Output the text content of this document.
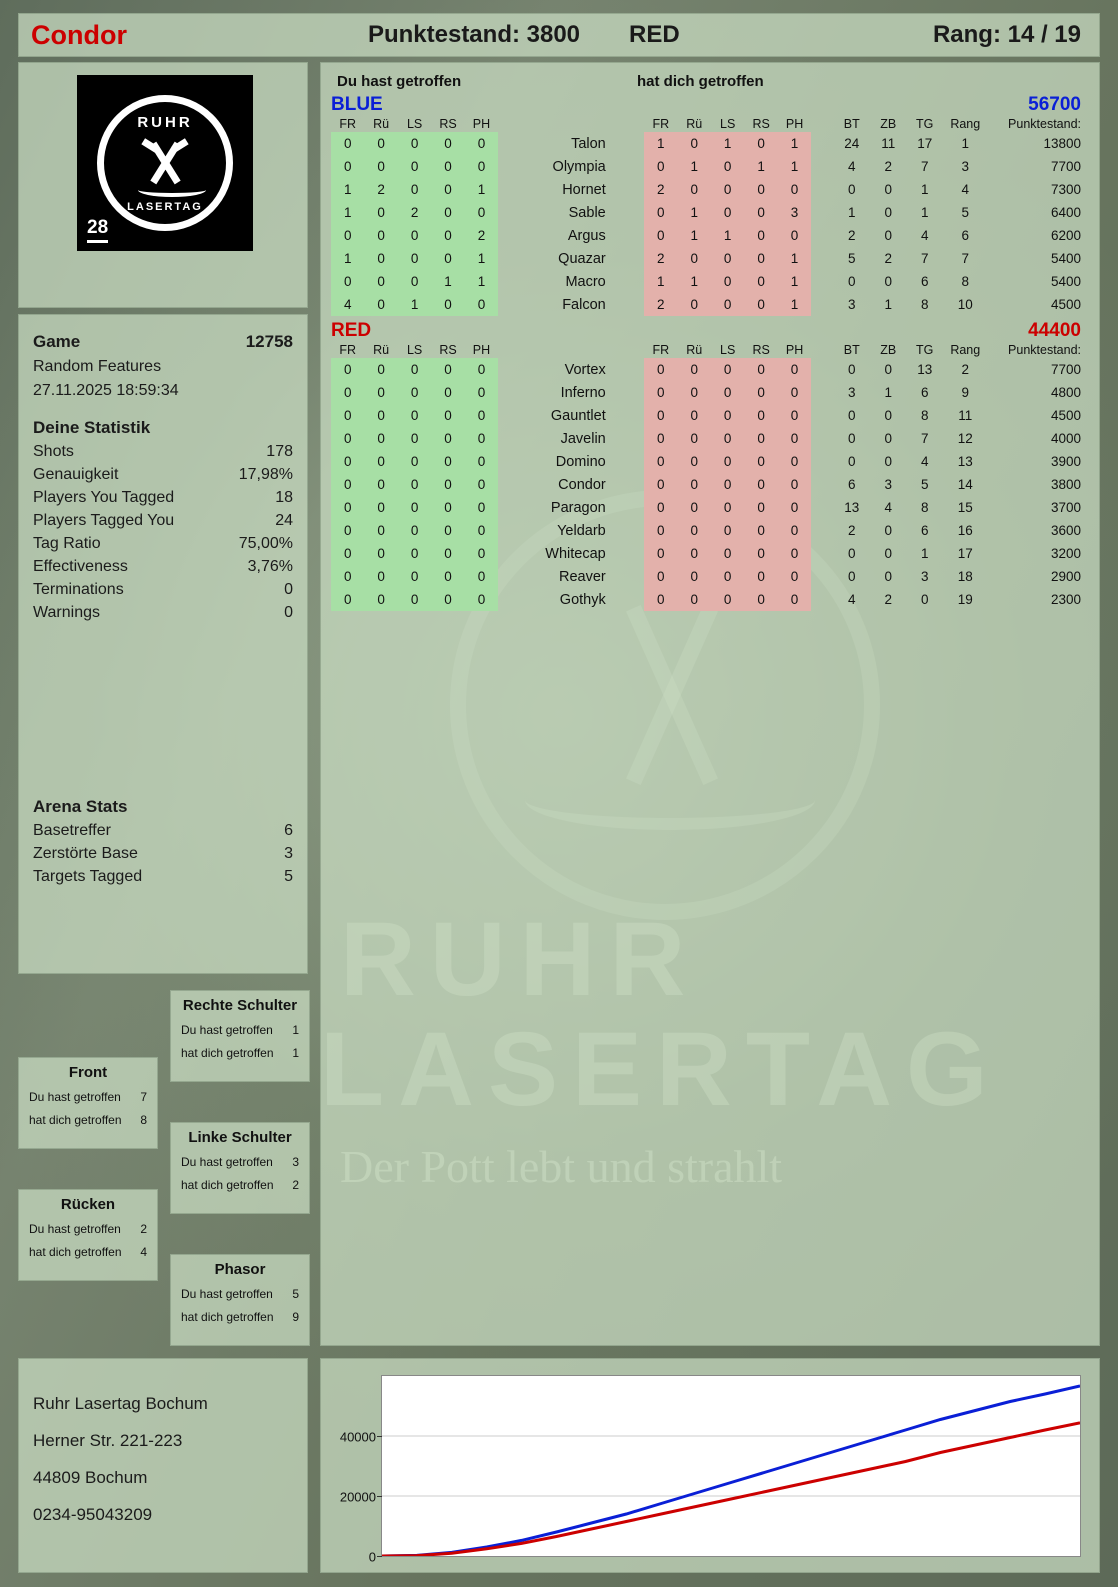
Condor	Punktestand: 3800	RED	Rang: 14 / 19
RUHR
LASERTAG
28
Game	12758
Random Features
27.11.2025 18:59:34
Deine Statistik
Shots	178
Genauigkeit	17,98%
Players You Tagged	18
Players Tagged You	24
Tag Ratio	75,00%
Effectiveness	3,76%
Terminations	0
Warnings	0
Arena Stats
Basetreffer	6
Zerstörte Base	3
Targets Tagged	5
Rechte Schulter
Du hast getroffen 1
hat dich getroffen 1
Front
Du hast getroffen 7
hat dich getroffen 8
Linke Schulter
Du hast getroffen 3
hat dich getroffen 2
Rücken
Du hast getroffen 2
hat dich getroffen 4
Phasor
Du hast getroffen 5
hat dich getroffen 9
Ruhr Lasertag Bochum
Herner Str. 221-223
44809 Bochum
0234-95043209
Du hast getroffen	hat dich getroffen
BLUE	56700
FR	Rü	LS	RS	PH			FR	Rü	LS	RS	PH		BT	ZB	TG	Rang	Punktestand:
0	0	0	0	0	Talon		1	0	1	0	1		24	11	17	1	13800
0	0	0	0	0	Olympia		0	1	0	1	1		4	2	7	3	7700
1	2	0	0	1	Hornet		2	0	0	0	0		0	0	1	4	7300
1	0	2	0	0	Sable		0	1	0	0	3		1	0	1	5	6400
0	0	0	0	2	Argus		0	1	1	0	0		2	0	4	6	6200
1	0	0	0	1	Quazar		2	0	0	0	1		5	2	7	7	5400
0	0	0	1	1	Macro		1	1	0	0	1		0	0	6	8	5400
4	0	1	0	0	Falcon		2	0	0	0	1		3	1	8	10	4500
RED	44400
FR	Rü	LS	RS	PH			FR	Rü	LS	RS	PH		BT	ZB	TG	Rang	Punktestand:
0	0	0	0	0	Vortex		0	0	0	0	0		0	0	13	2	7700
0	0	0	0	0	Inferno		0	0	0	0	0		3	1	6	9	4800
0	0	0	0	0	Gauntlet		0	0	0	0	0		0	0	8	11	4500
0	0	0	0	0	Javelin		0	0	0	0	0		0	0	7	12	4000
0	0	0	0	0	Domino		0	0	0	0	0		0	0	4	13	3900
0	0	0	0	0	Condor		0	0	0	0	0		6	3	5	14	3800
0	0	0	0	0	Paragon		0	0	0	0	0		13	4	8	15	3700
0	0	0	0	0	Yeldarb		0	0	0	0	0		2	0	6	16	3600
0	0	0	0	0	Whitecap		0	0	0	0	0		0	0	1	17	3200
0	0	0	0	0	Reaver		0	0	0	0	0		0	0	3	18	2900
0	0	0	0	0	Gothyk		0	0	0	0	0		4	2	0	19	2300
0
20000
40000
